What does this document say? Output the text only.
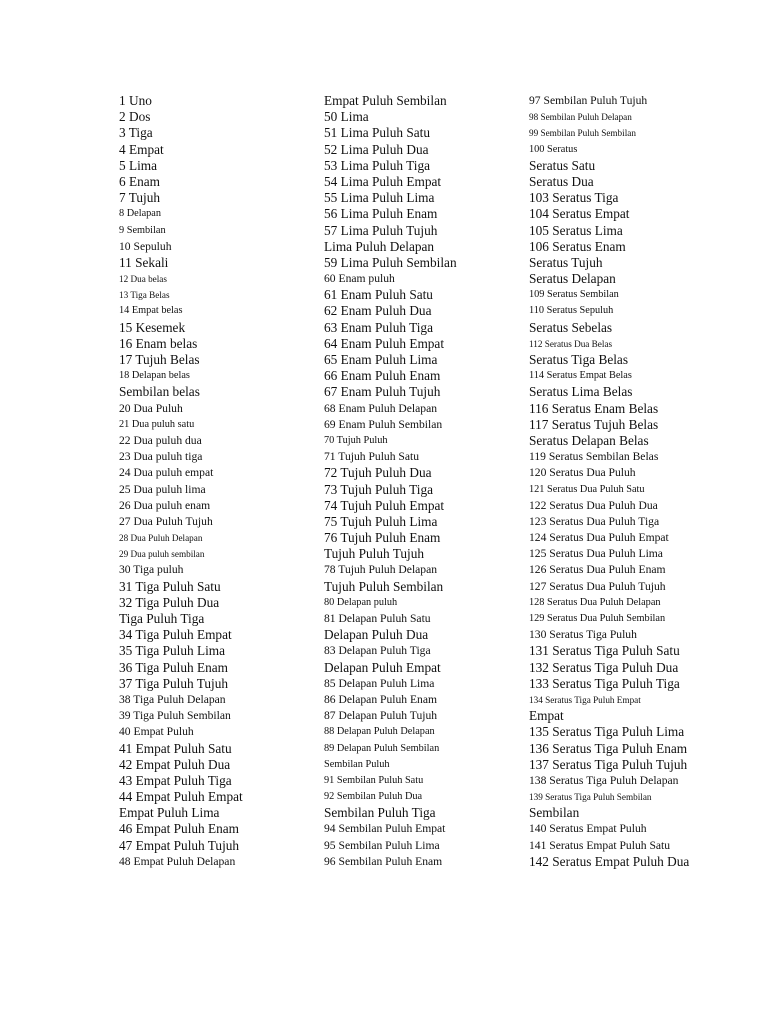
1 Uno
2 Dos
3 Tiga
4 Empat
5 Lima
6 Enam
7 Tujuh
8 Delapan
9 Sembilan
10 Sepuluh
11 Sekali
12 Dua belas
13 Tiga Belas
14 Empat belas
15 Kesemek
16 Enam belas
17 Tujuh Belas
18 Delapan belas
Sembilan belas
20 Dua Puluh
21 Dua puluh satu
22 Dua puluh dua
23 Dua puluh tiga
24 Dua puluh empat
25 Dua puluh lima
26 Dua puluh enam
27 Dua Puluh Tujuh
28 Dua Puluh Delapan
29 Dua puluh sembilan
30 Tiga puluh
31 Tiga Puluh Satu
32 Tiga Puluh Dua
Tiga Puluh Tiga
34 Tiga Puluh Empat
35 Tiga Puluh Lima
36 Tiga Puluh Enam
37 Tiga Puluh Tujuh
38 Tiga Puluh Delapan
39 Tiga Puluh Sembilan
40 Empat Puluh
41 Empat Puluh Satu
42 Empat Puluh Dua
43 Empat Puluh Tiga
44 Empat Puluh Empat
Empat Puluh Lima
46 Empat Puluh Enam
47 Empat Puluh Tujuh
48 Empat Puluh Delapan
Empat Puluh Sembilan
50 Lima
51 Lima Puluh Satu
52 Lima Puluh Dua
53 Lima Puluh Tiga
54 Lima Puluh Empat
55 Lima Puluh Lima
56 Lima Puluh Enam
57 Lima Puluh Tujuh
Lima Puluh Delapan
59 Lima Puluh Sembilan
60 Enam puluh
61 Enam Puluh Satu
62 Enam Puluh Dua
63 Enam Puluh Tiga
64 Enam Puluh Empat
65 Enam Puluh Lima
66 Enam Puluh Enam
67 Enam Puluh Tujuh
68 Enam Puluh Delapan
69 Enam Puluh Sembilan
70 Tujuh Puluh
71 Tujuh Puluh Satu
72 Tujuh Puluh Dua
73 Tujuh Puluh Tiga
74 Tujuh Puluh Empat
75 Tujuh Puluh Lima
76 Tujuh Puluh Enam
Tujuh Puluh Tujuh
78 Tujuh Puluh Delapan
Tujuh Puluh Sembilan
80 Delapan puluh
81 Delapan Puluh Satu
Delapan Puluh Dua
83 Delapan Puluh Tiga
Delapan Puluh Empat
85 Delapan Puluh Lima
86 Delapan Puluh Enam
87 Delapan Puluh Tujuh
88 Delapan Puluh Delapan
89 Delapan Puluh Sembilan
Sembilan Puluh
91 Sembilan Puluh Satu
92 Sembilan Puluh Dua
Sembilan Puluh Tiga
94 Sembilan Puluh Empat
95 Sembilan Puluh Lima
96 Sembilan Puluh Enam
97 Sembilan Puluh Tujuh
98 Sembilan Puluh Delapan
99 Sembilan Puluh Sembilan
100 Seratus
Seratus Satu
Seratus Dua
103 Seratus Tiga
104 Seratus Empat
105 Seratus Lima
106 Seratus Enam
Seratus Tujuh
Seratus Delapan
109 Seratus Sembilan
110 Seratus Sepuluh
Seratus Sebelas
112 Seratus Dua Belas
Seratus Tiga Belas
114 Seratus Empat Belas
Seratus Lima Belas
116 Seratus Enam Belas
117 Seratus Tujuh Belas
Seratus Delapan Belas
119 Seratus Sembilan Belas
120 Seratus Dua Puluh
121 Seratus Dua Puluh Satu
122 Seratus Dua Puluh Dua
123 Seratus Dua Puluh Tiga
124 Seratus Dua Puluh Empat
125 Seratus Dua Puluh Lima
126 Seratus Dua Puluh Enam
127 Seratus Dua Puluh Tujuh
128 Seratus Dua Puluh Delapan
129 Seratus Dua Puluh Sembilan
130 Seratus Tiga Puluh
131 Seratus Tiga Puluh Satu
132 Seratus Tiga Puluh Dua
133 Seratus Tiga Puluh Tiga
134 Seratus Tiga Puluh Empat
Empat
135 Seratus Tiga Puluh Lima
136 Seratus Tiga Puluh Enam
137 Seratus Tiga Puluh Tujuh
138 Seratus Tiga Puluh Delapan
139 Seratus Tiga Puluh Sembilan
Sembilan
140 Seratus Empat Puluh
141 Seratus Empat Puluh Satu
142 Seratus Empat Puluh Dua
